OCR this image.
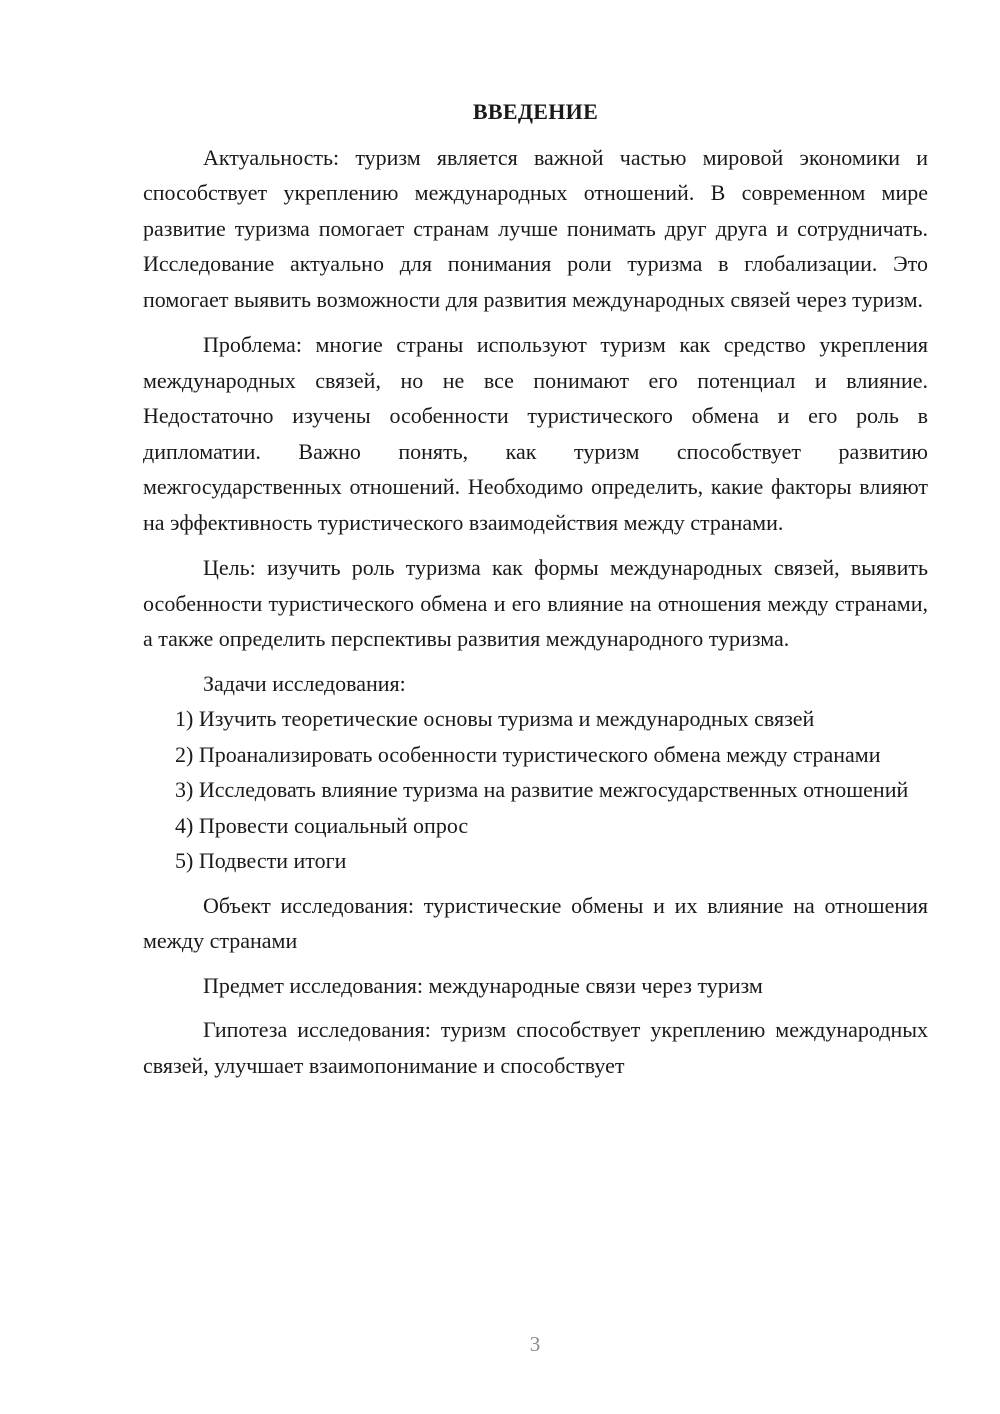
ВВЕДЕНИЕ

Актуальность: туризм является важной частью мировой экономики и способствует укреплению международных отношений. В современном мире развитие туризма помогает странам лучше понимать друг друга и сотрудничать. Исследование актуально для понимания роли туризма в глобализации. Это помогает выявить возможности для развития международных связей через туризм.

Проблема: многие страны используют туризм как средство укрепления международных связей, но не все понимают его потенциал и влияние. Недостаточно изучены особенности туристического обмена и его роль в дипломатии. Важно понять, как туризм способствует развитию межгосударственных отношений. Необходимо определить, какие факторы влияют на эффективность туристического взаимодействия между странами.

Цель: изучить роль туризма как формы международных связей, выявить особенности туристического обмена и его влияние на отношения между странами, а также определить перспективы развития международного туризма.

Задачи исследования:

1) Изучить теоретические основы туризма и международных связей

2) Проанализировать особенности туристического обмена между странами

3) Исследовать влияние туризма на развитие межгосударственных отношений

4) Провести социальный опрос

5) Подвести итоги

Объект исследования: туристические обмены и их влияние на отношения между странами

Предмет исследования: международные связи через туризм

Гипотеза исследования: туризм способствует укреплению международных связей, улучшает взаимопонимание и способствует

3
